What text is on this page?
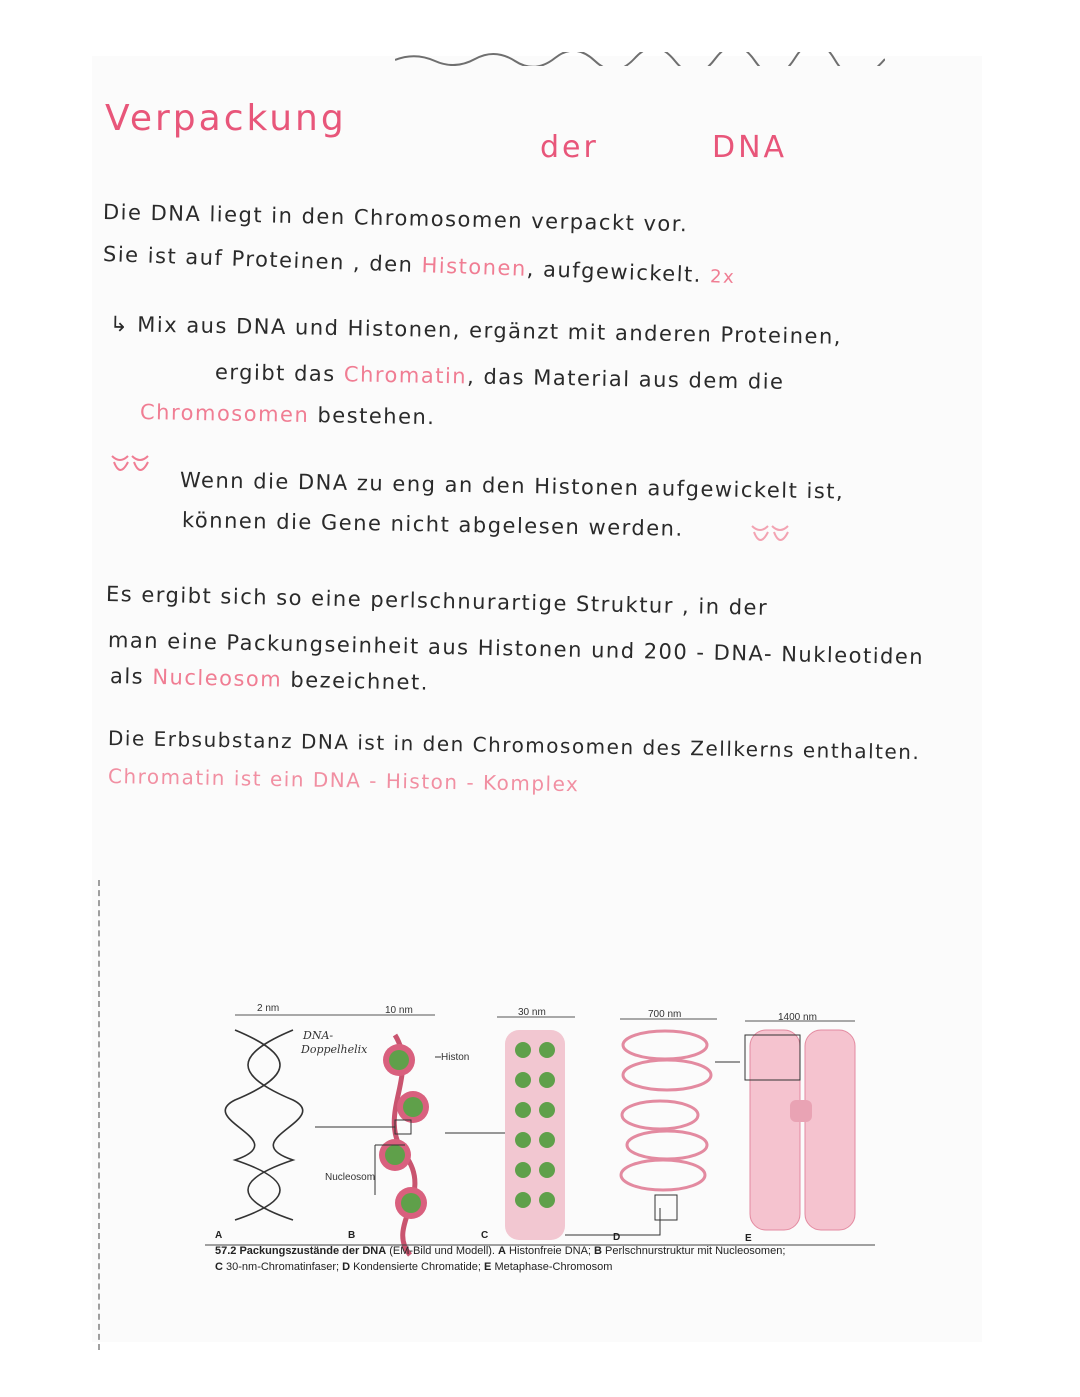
Verpackung
der	DNA
Die DNA liegt in den Chromosomen verpackt vor.
Sie ist auf Proteinen , den Histonen, aufgewickelt. 2x
↳ Mix aus DNA und Histonen, ergänzt mit anderen Proteinen,
ergibt das Chromatin, das Material aus dem die
Chromosomen bestehen.
Wenn die DNA zu eng an den Histonen aufgewickelt ist,
können die Gene nicht abgelesen werden.
Es ergibt sich so eine perlschnurartige Struktur , in der
man eine Packungseinheit aus Histonen und 200 - DNA- Nukleotiden
als Nucleosom bezeichnet.
Die Erbsubstanz DNA ist in den Chromosomen des Zellkerns enthalten.
Chromatin ist ein DNA - Histon - Komplex
2 nm	10 nm	30 nm	700 nm	1400 nm
DNA-
Doppelhelix
Histon
Nucleosom
A	B	C	D	E
57.2 Packungszustände der DNA (EM-Bild und Modell). A Histonfreie DNA; B Perlschnurstruktur mit Nucleosomen;
C 30-nm-Chromatinfaser; D Kondensierte Chromatide; E Metaphase-Chromosom
